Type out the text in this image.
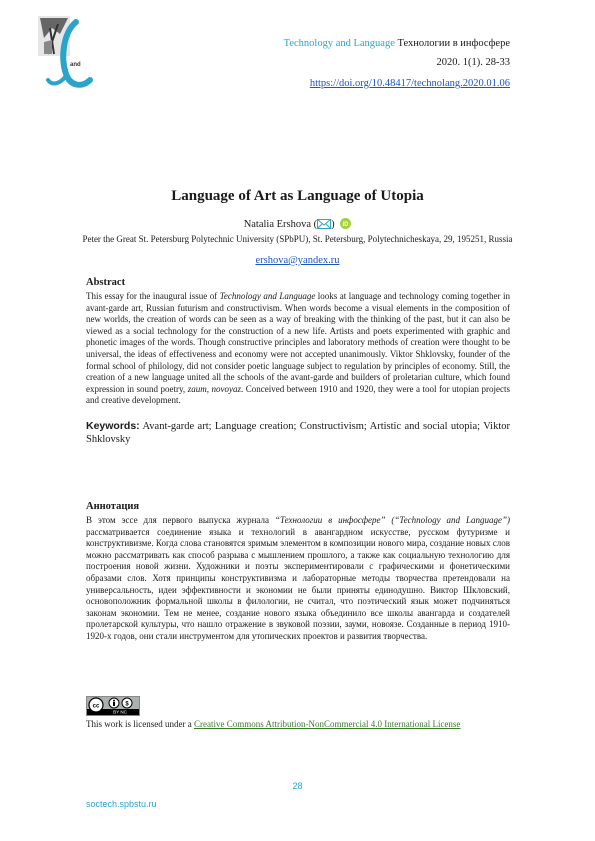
and
Technology and Language Технологии в инфосфере
2020. 1(1). 28-33
https://doi.org/10.48417/technolang.2020.01.06
Language of Art as Language of Utopia
Natalia Ershova ( ) iD
Peter the Great St. Petersburg Polytechnic University (SPbPU), St. Petersburg, Polytechnicheskaya, 29, 195251, Russia
ershova@yandex.ru
Abstract
This essay for the inaugural issue of Technology and Language looks at language and technology coming together in avant-garde art, Russian futurism and constructivism. When words become a visual elements in the composition of new worlds, the creation of words can be seen as a way of breaking with the thinking of the past, but it can also be viewed as a social technology for the construction of a new life. Artists and poets experimented with graphic and phonetic images of the words. Though constructive principles and laboratory methods of creation were thought to be universal, the ideas of effectiveness and economy were not accepted unanimously. Viktor Shklovsky, founder of the formal school of philology, did not consider poetic language subject to regulation by principles of economy. Still, the creation of a new language united all the schools of the avant-garde and builders of proletarian culture, which found expression in sound poetry, zaum, novoyaz. Conceived between 1910 and 1920, they were a tool for utopian projects and creative development.
Keywords: Avant-garde art; Language creation; Constructivism; Artistic and social utopia; Viktor Shklovsky
Аннотация
В этом эссе для первого выпуска журнала “Технологии в инфосфере” (“Technology and Language”) рассматривается соединение языка и технологий в авангардном искусстве, русском футуризме и конструктивизме. Когда слова становятся зримым элементом в композиции нового мира, создание новых слов можно рассматривать как способ разрыва с мышлением прошлого, а также как социальную технологию для построения новой жизни. Художники и поэты экспериментировали с графическими и фонетическими образами слов. Хотя принципы конструктивизма и лабораторные методы творчества претендовали на универсальность, идеи эффективности и экономии не были приняты единодушно. Виктор Шкловский, основоположник формальной школы в филологии, не считал, что поэтический язык может подчиняться законам экономии. Тем не менее, создание нового языка объединило все школы авангарда и создателей пролетарской культуры, что нашло отражение в звуковой поэзии, зауми, новоязе. Созданные в период 1910-1920-х годов, они стали инструментом для утопических проектов и развития творчества.
cc	$
BY NC
This work is licensed under a Creative Commons Attribution-NonCommercial 4.0 International License
28
soctech.spbstu.ru
